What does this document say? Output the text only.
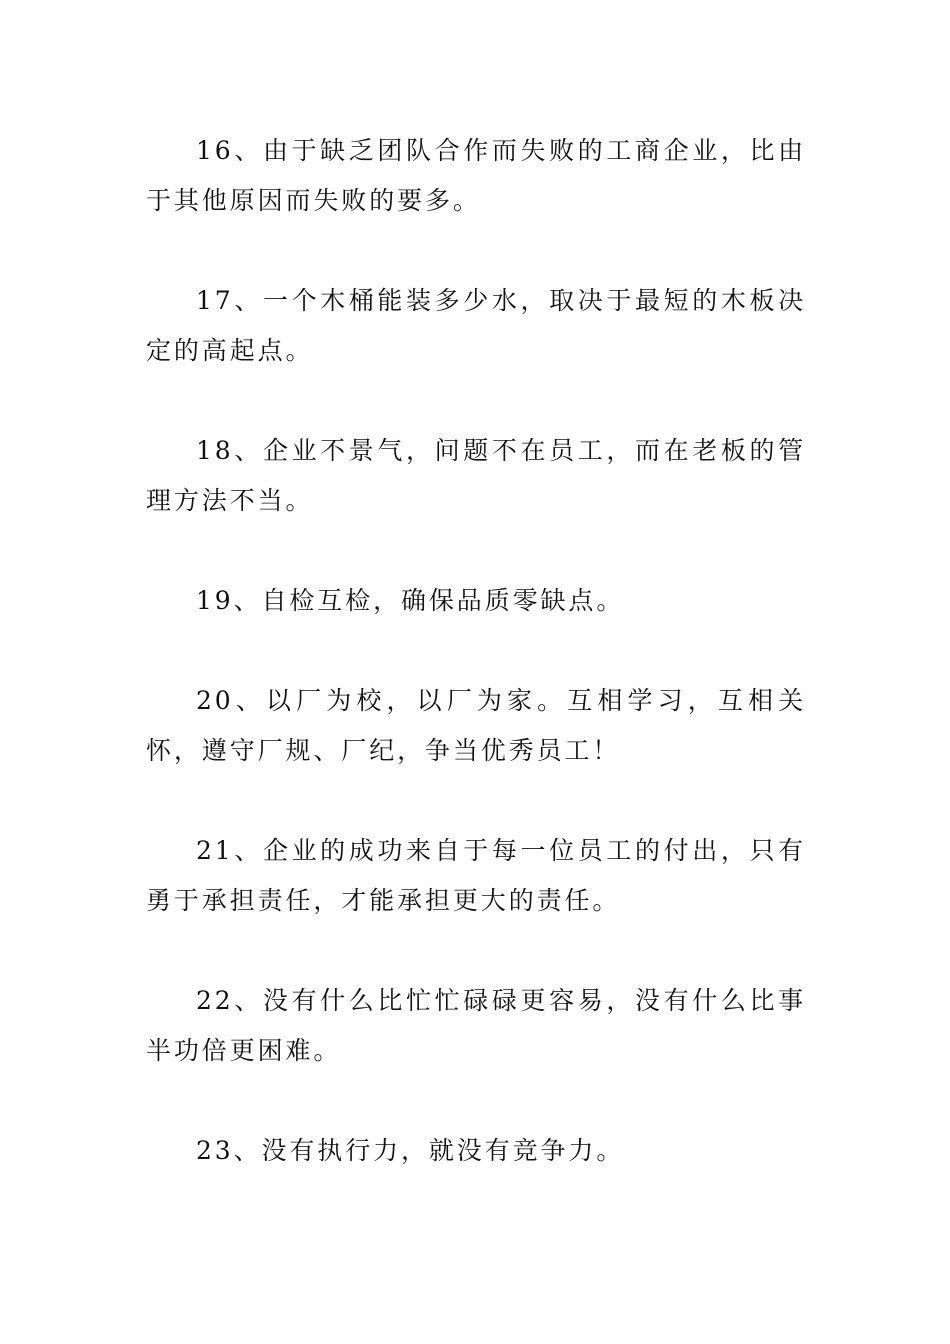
16、由于缺乏团队合作而失败的工商企业，比由于其他原因而失败的要多。

17、一个木桶能装多少水，取决于最短的木板决定的高起点。

18、企业不景气，问题不在员工，而在老板的管理方法不当。

19、自检互检，确保品质零缺点。

20、以厂为校，以厂为家。互相学习，互相关怀，遵守厂规、厂纪，争当优秀员工！

21、企业的成功来自于每一位员工的付出，只有勇于承担责任，才能承担更大的责任。

22、没有什么比忙忙碌碌更容易，没有什么比事半功倍更困难。

23、没有执行力，就没有竞争力。
